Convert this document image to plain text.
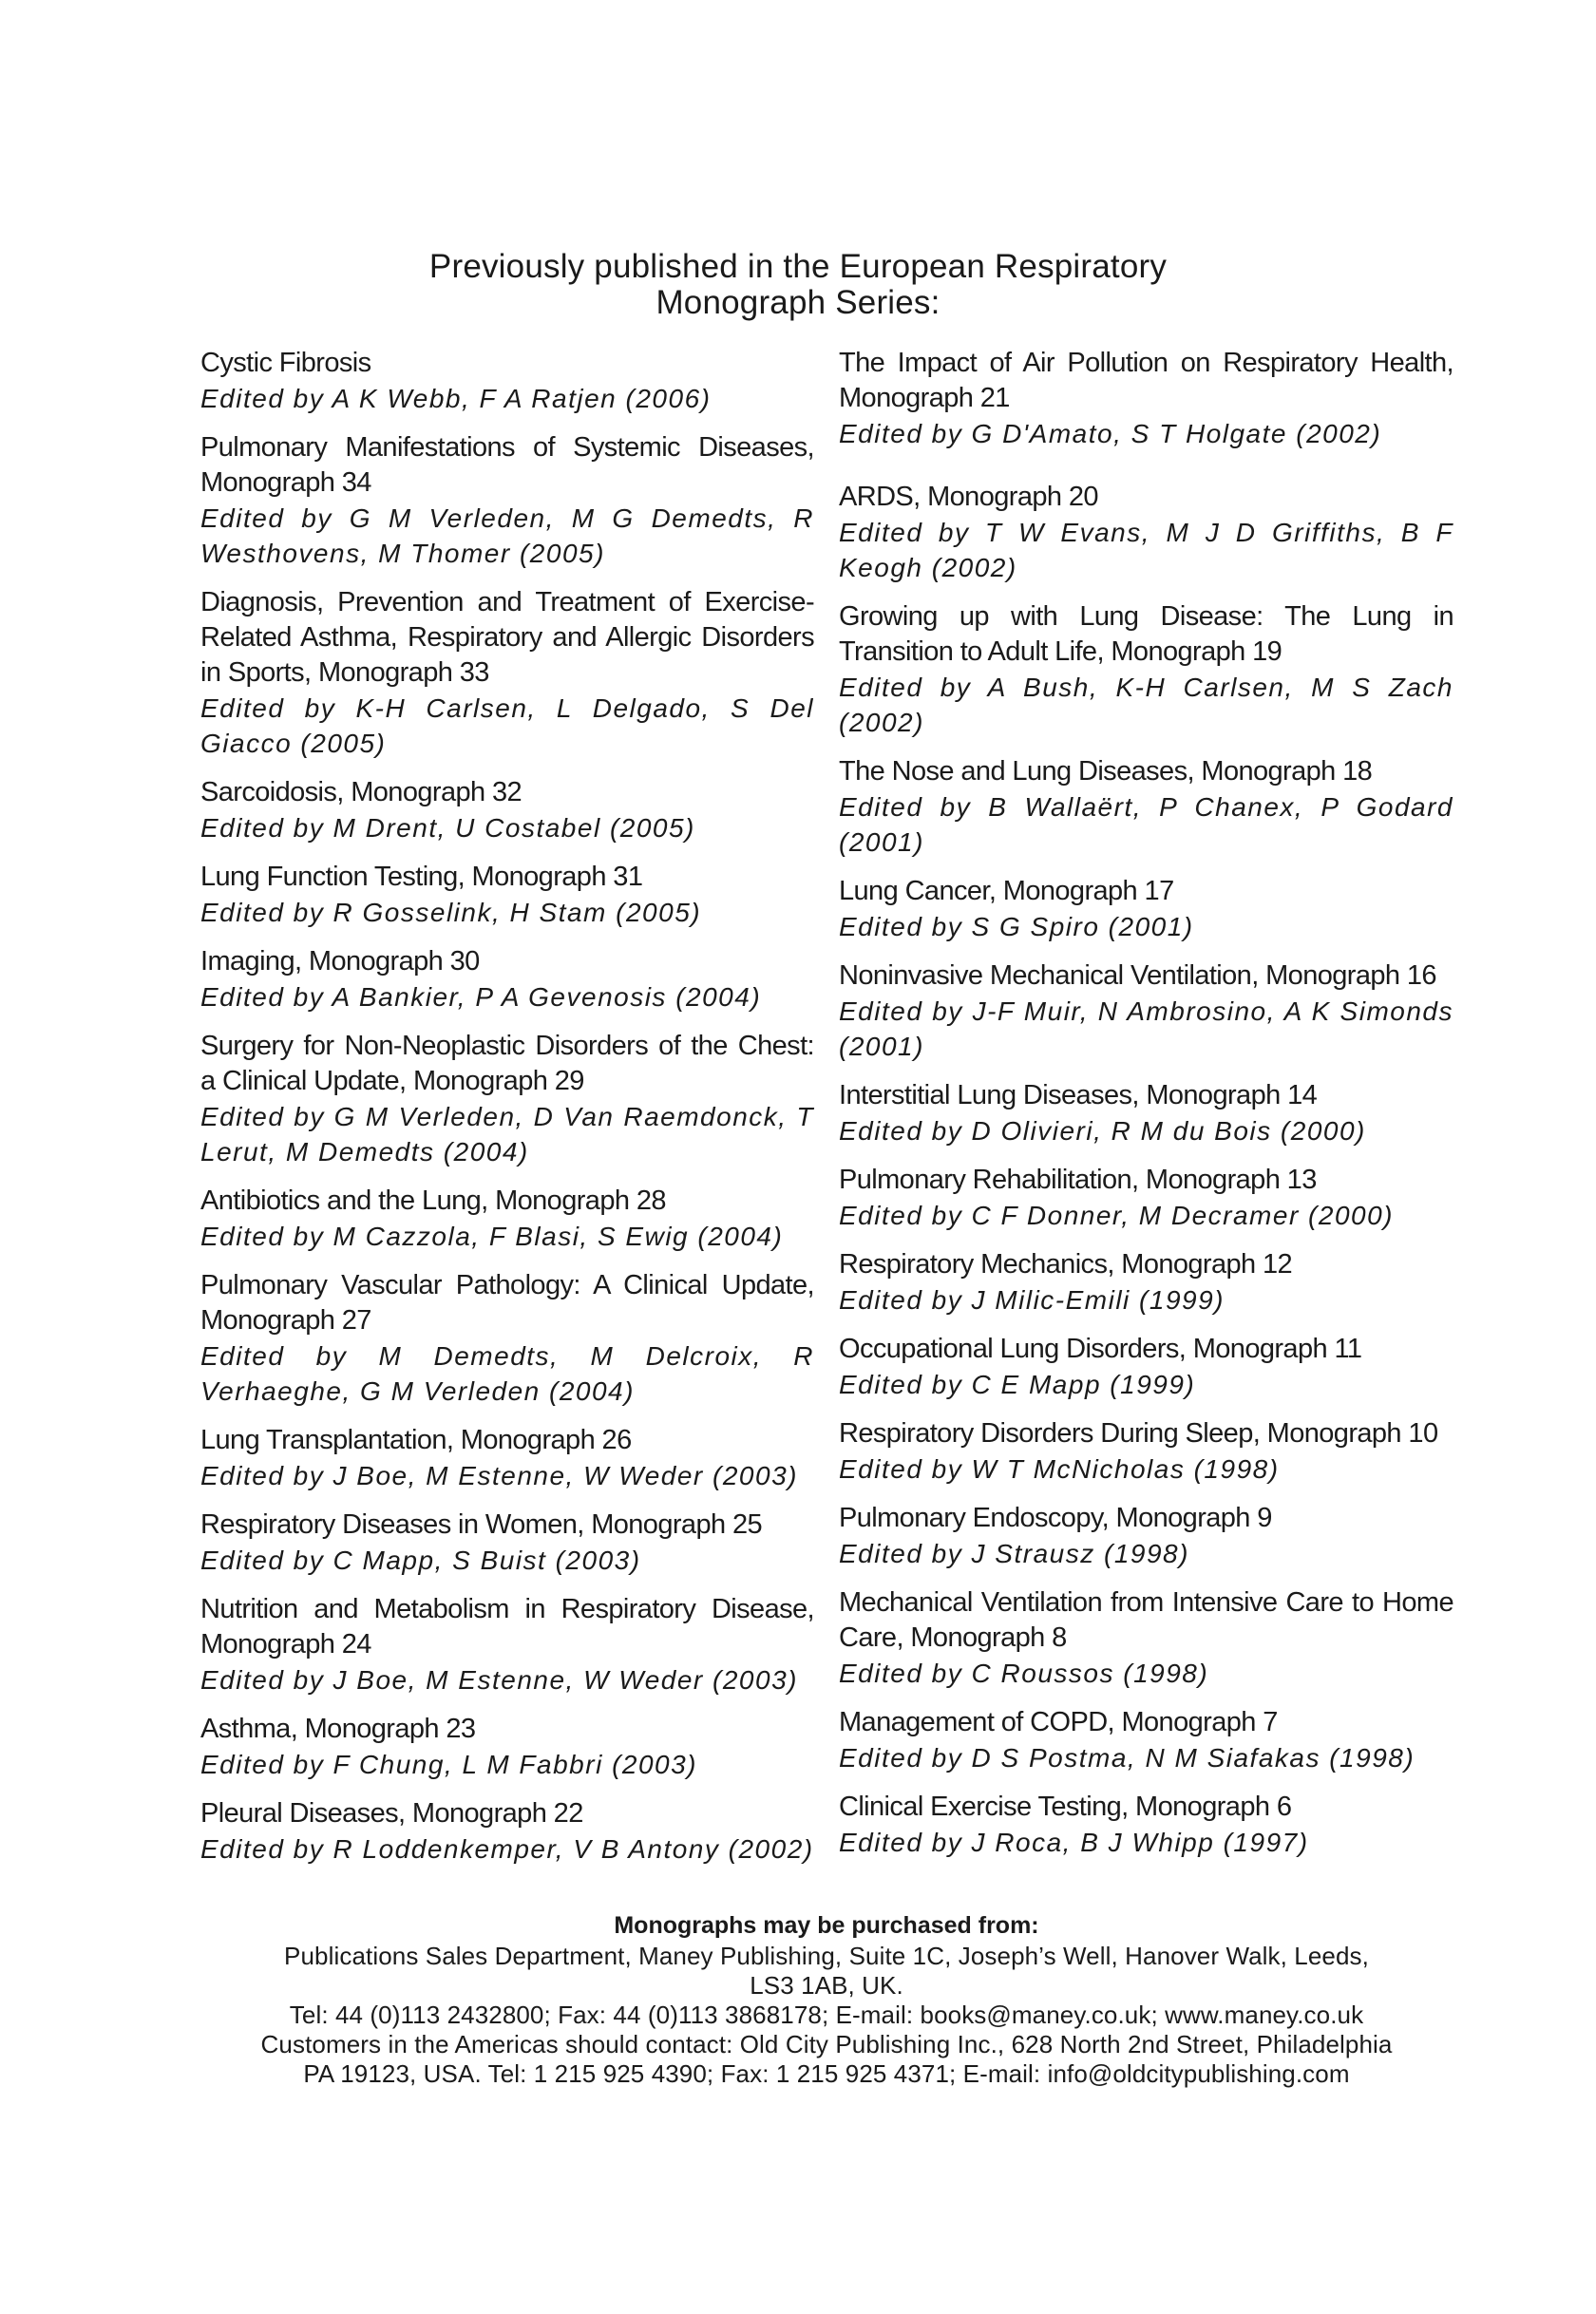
Previously published in the European Respiratory
Monograph Series:
Cystic Fibrosis
Edited by A K Webb, F A Ratjen (2006)
Pulmonary Manifestations of Systemic Diseases, Monograph 34
Edited by G M Verleden, M G Demedts, R Westhovens, M Thomer (2005)
Diagnosis, Prevention and Treatment of Exercise-Related Asthma, Respiratory and Allergic Disorders in Sports, Monograph 33
Edited by K-H Carlsen, L Delgado, S Del Giacco (2005)
Sarcoidosis, Monograph 32
Edited by M Drent, U Costabel (2005)
Lung Function Testing, Monograph 31
Edited by R Gosselink, H Stam (2005)
Imaging, Monograph 30
Edited by A Bankier, P A Gevenosis (2004)
Surgery for Non-Neoplastic Disorders of the Chest: a Clinical Update, Monograph 29
Edited by G M Verleden, D Van Raemdonck, T Lerut, M Demedts (2004)
Antibiotics and the Lung, Monograph 28
Edited by M Cazzola, F Blasi, S Ewig (2004)
Pulmonary Vascular Pathology: A Clinical Update, Monograph 27
Edited by M Demedts, M Delcroix, R Verhaeghe, G M Verleden (2004)
Lung Transplantation, Monograph 26
Edited by J Boe, M Estenne, W Weder (2003)
Respiratory Diseases in Women, Monograph 25
Edited by C Mapp, S Buist (2003)
Nutrition and Metabolism in Respiratory Disease, Monograph 24
Edited by J Boe, M Estenne, W Weder (2003)
Asthma, Monograph 23
Edited by F Chung, L M Fabbri (2003)
Pleural Diseases, Monograph 22
Edited by R Loddenkemper, V B Antony (2002)
The Impact of Air Pollution on Respiratory Health, Monograph 21
Edited by G D'Amato, S T Holgate (2002)
ARDS, Monograph 20
Edited by T W Evans, M J D Griffiths, B F Keogh (2002)
Growing up with Lung Disease: The Lung in Transition to Adult Life, Monograph 19
Edited by A Bush, K-H Carlsen, M S Zach (2002)
The Nose and Lung Diseases, Monograph 18
Edited by B Wallaërt, P Chanex, P Godard (2001)
Lung Cancer, Monograph 17
Edited by S G Spiro (2001)
Noninvasive Mechanical Ventilation, Monograph 16
Edited by J-F Muir, N Ambrosino, A K Simonds (2001)
Interstitial Lung Diseases, Monograph 14
Edited by D Olivieri, R M du Bois (2000)
Pulmonary Rehabilitation, Monograph 13
Edited by C F Donner, M Decramer (2000)
Respiratory Mechanics, Monograph 12
Edited by J Milic-Emili (1999)
Occupational Lung Disorders, Monograph 11
Edited by C E Mapp (1999)
Respiratory Disorders During Sleep, Monograph 10
Edited by W T McNicholas (1998)
Pulmonary Endoscopy, Monograph 9
Edited by J Strausz (1998)
Mechanical Ventilation from Intensive Care to Home Care, Monograph 8
Edited by C Roussos (1998)
Management of COPD, Monograph 7
Edited by D S Postma, N M Siafakas (1998)
Clinical Exercise Testing, Monograph 6
Edited by J Roca, B J Whipp (1997)
Monographs may be purchased from:
Publications Sales Department, Maney Publishing, Suite 1C, Joseph’s Well, Hanover Walk, Leeds,
LS3 1AB, UK.
Tel: 44 (0)113 2432800; Fax: 44 (0)113 3868178; E-mail: books@maney.co.uk; www.maney.co.uk
Customers in the Americas should contact: Old City Publishing Inc., 628 North 2nd Street, Philadelphia
PA 19123, USA. Tel: 1 215 925 4390; Fax: 1 215 925 4371; E-mail: info@oldcitypublishing.com
